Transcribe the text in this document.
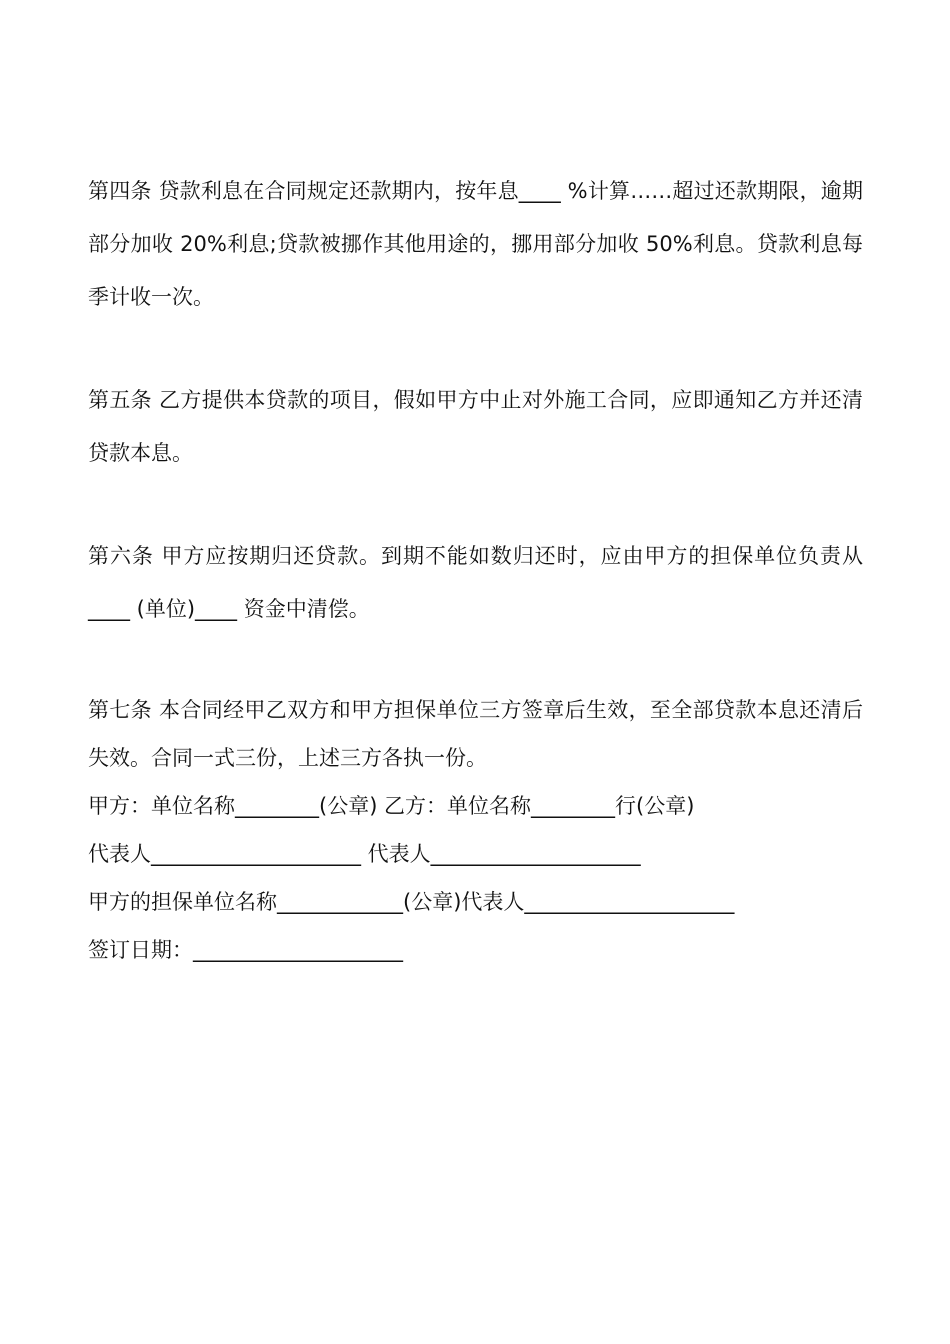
第四条 贷款利息在合同规定还款期内，按年息____ %计算……超过还款期限，逾期部分加收 20%利息;贷款被挪作其他用途的，挪用部分加收 50%利息。贷款利息每季计收一次。

第五条 乙方提供本贷款的项目，假如甲方中止对外施工合同，应即通知乙方并还清贷款本息。

第六条 甲方应按期归还贷款。到期不能如数归还时，应由甲方的担保单位负责从____ (单位)____ 资金中清偿。

第七条 本合同经甲乙双方和甲方担保单位三方签章后生效，至全部贷款本息还清后失效。合同一式三份，上述三方各执一份。

甲方：单位名称________(公章) 乙方：单位名称________行(公章)

代表人____________________ 代表人____________________

甲方的担保单位名称____________(公章)代表人____________________

签订日期：____________________
